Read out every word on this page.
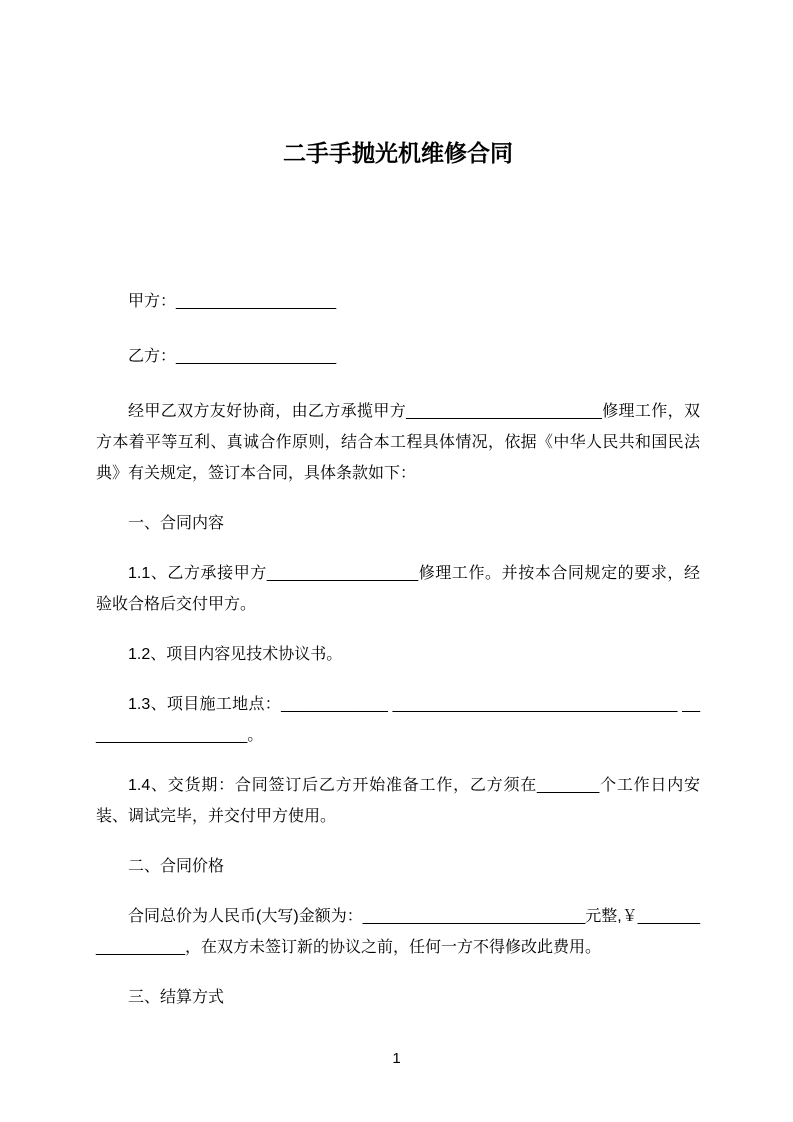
二手手抛光机维修合同

甲方：__________________

乙方：__________________

经甲乙双方友好协商，由乙方承揽甲方______________________修理工作，双方本着平等互利、真诚合作原则，结合本工程具体情况，依据《中华人民共和国民法典》有关规定，签订本合同，具体条款如下：

一、合同内容

1.1、乙方承接甲方_________________修理工作。并按本合同规定的要求，经验收合格后交付甲方。

1.2、项目内容见技术协议书。

1.3、项目施工地点：____________ ________________________________ ___________________。

1.4、交货期：合同签订后乙方开始准备工作，乙方须在_______个工作日内安装、调试完毕，并交付甲方使用。

二、合同价格

合同总价为人民币(大写)金额为：_________________________元整,￥_________________，在双方未签订新的协议之前，任何一方不得修改此费用。

三、结算方式

1
